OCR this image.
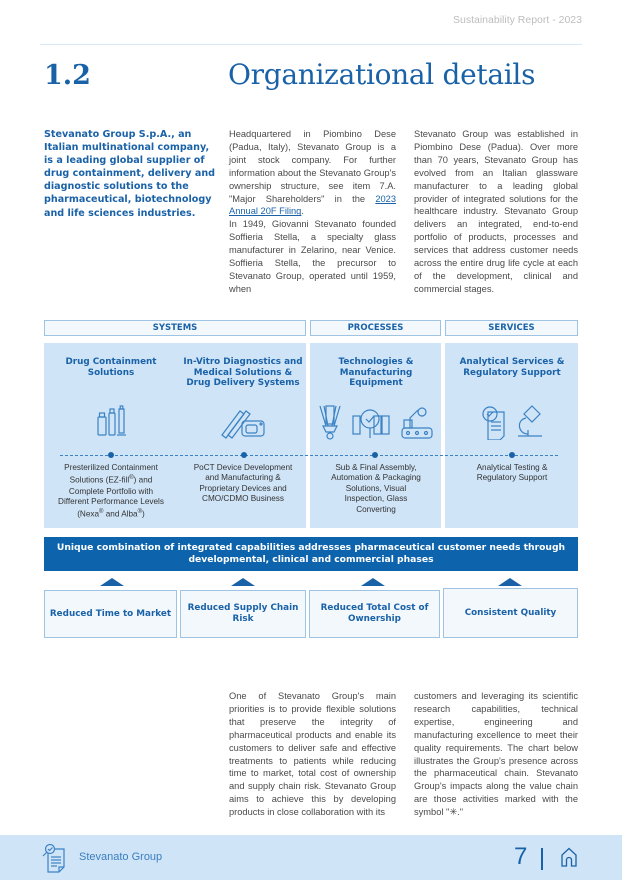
Sustainability Report - 2023
1.2	Organizational details
Stevanato Group S.p.A., an Italian multinational company, is a leading global supplier of drug containment, delivery and diagnostic solutions to the pharmaceutical, biotechnology and life sciences industries.

Headquartered in Piombino Dese (Padua, Italy), Stevanato Group is a joint stock company. For further information about the Stevanato Group's ownership structure, see item 7.A. "Major Shareholders" in the 2023 Annual 20F Filing.

In 1949, Giovanni Stevanato founded Soffieria Stella, a specialty glass manufacturer in Zelarino, near Venice. Soffieria Stella, the precursor to Stevanato Group, operated until 1959, when

Stevanato Group was established in Piombino Dese (Padua). Over more than 70 years, Stevanato Group has evolved from an Italian glassware manufacturer to a leading global provider of integrated solutions for the healthcare industry. Stevanato Group delivers an integrated, end-to-end portfolio of products, processes and services that address customer needs across the entire drug life cycle at each of the development, clinical and commercial stages.

SYSTEMS	PROCESSES	SERVICES
Drug Containment Solutions
In-Vitro Diagnostics and Medical Solutions & Drug Delivery Systems
Technologies & Manufacturing Equipment
Analytical Services & Regulatory Support
Presterilized Containment Solutions (EZ-fill®) and Complete Portfolio with Different Performance Levels (Nexa® and Alba®)
PoCT Device Development and Manufacturing & Proprietary Devices and CMO/CDMO Business
Sub & Final Assembly, Automation & Packaging Solutions, Visual Inspection, Glass Converting
Analytical Testing & Regulatory Support
Unique combination of integrated capabilities addresses pharmaceutical customer needs through developmental, clinical and commercial phases
Reduced Time to Market
Reduced Supply Chain Risk
Reduced Total Cost of Ownership
Consistent Quality

One of Stevanato Group's main priorities is to provide flexible solutions that preserve the integrity of pharmaceutical products and enable its customers to deliver safe and effective treatments to patients while reducing time to market, total cost of ownership and supply chain risk. Stevanato Group aims to achieve this by developing products in close collaboration with its

customers and leveraging its scientific research capabilities, technical expertise, engineering and manufacturing excellence to meet their quality requirements. The chart below illustrates the Group's presence across the pharmaceutical chain. Stevanato Group's impacts along the value chain are those activities marked with the symbol "✳."

Stevanato Group	7
